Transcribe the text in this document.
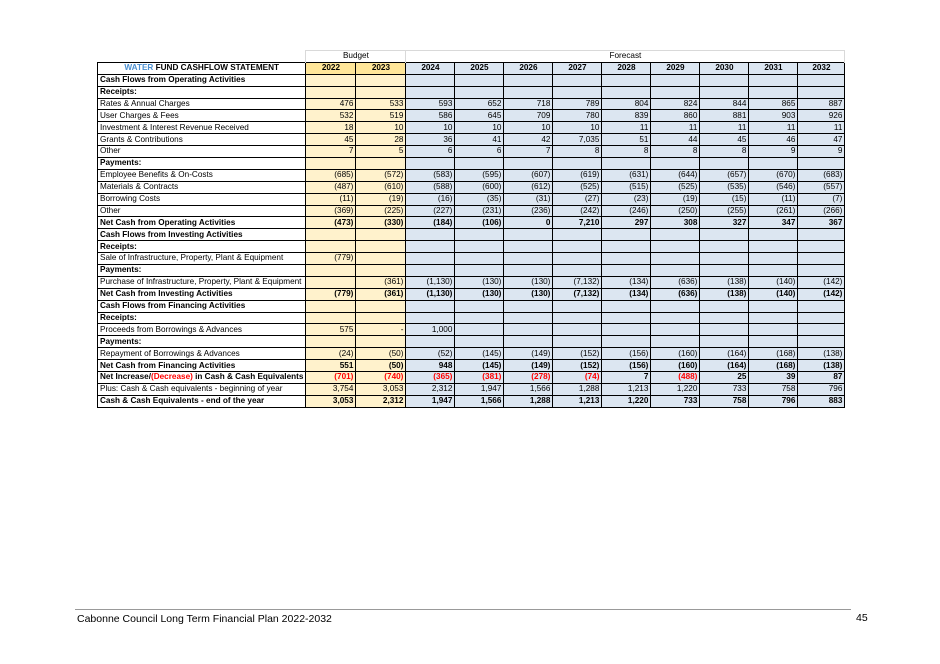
	Budget		Forecast								
WATER FUND CASHFLOW STATEMENT	2022	2023	2024	2025	2026	2027	2028	2029	2030	2031	2032
Cash Flows from Operating Activities											
Receipts:											
Rates & Annual Charges	476	533	593	652	718	789	804	824	844	865	887
User Charges & Fees	532	519	586	645	709	780	839	860	881	903	926
Investment & Interest Revenue Received	18	10	10	10	10	10	11	11	11	11	11
Grants & Contributions	45	28	36	41	42	7,035	51	44	45	46	47
Other	7	5	6	6	7	8	8	8	8	9	9
Payments:											
Employee Benefits & On-Costs	(685)	(572)	(583)	(595)	(607)	(619)	(631)	(644)	(657)	(670)	(683)
Materials & Contracts	(487)	(610)	(588)	(600)	(612)	(525)	(515)	(525)	(535)	(546)	(557)
Borrowing Costs	(11)	(19)	(16)	(35)	(31)	(27)	(23)	(19)	(15)	(11)	(7)
Other	(369)	(225)	(227)	(231)	(236)	(242)	(246)	(250)	(255)	(261)	(266)
Net Cash from Operating Activities	(473)	(330)	(184)	(106)	0	7,210	297	308	327	347	367
Cash Flows from Investing Activities											
Receipts:											
Sale of Infrastructure, Property, Plant & Equipment	(779)										
Payments:											
Purchase of Infrastructure, Property, Plant & Equipment		(361)	(1,130)	(130)	(130)	(7,132)	(134)	(636)	(138)	(140)	(142)
Net Cash from Investing Activities	(779)	(361)	(1,130)	(130)	(130)	(7,132)	(134)	(636)	(138)	(140)	(142)
Cash Flows from Financing Activities											
Receipts:											
Proceeds from Borrowings & Advances	575	-	1,000								
Payments:											
Repayment of Borrowings & Advances	(24)	(50)	(52)	(145)	(149)	(152)	(156)	(160)	(164)	(168)	(138)
Net Cash from Financing Activities	551	(50)	948	(145)	(149)	(152)	(156)	(160)	(164)	(168)	(138)
Net Increase/(Decrease) in Cash & Cash Equivalents	(701)	(740)	(365)	(381)	(278)	(74)	7	(488)	25	39	87
Plus: Cash & Cash equivalents - beginning of year	3,754	3,053	2,312	1,947	1,566	1,288	1,213	1,220	733	758	796
Cash & Cash Equivalents - end of the year	3,053	2,312	1,947	1,566	1,288	1,213	1,220	733	758	796	883
Cabonne Council Long Term Financial Plan 2022-2032	45
